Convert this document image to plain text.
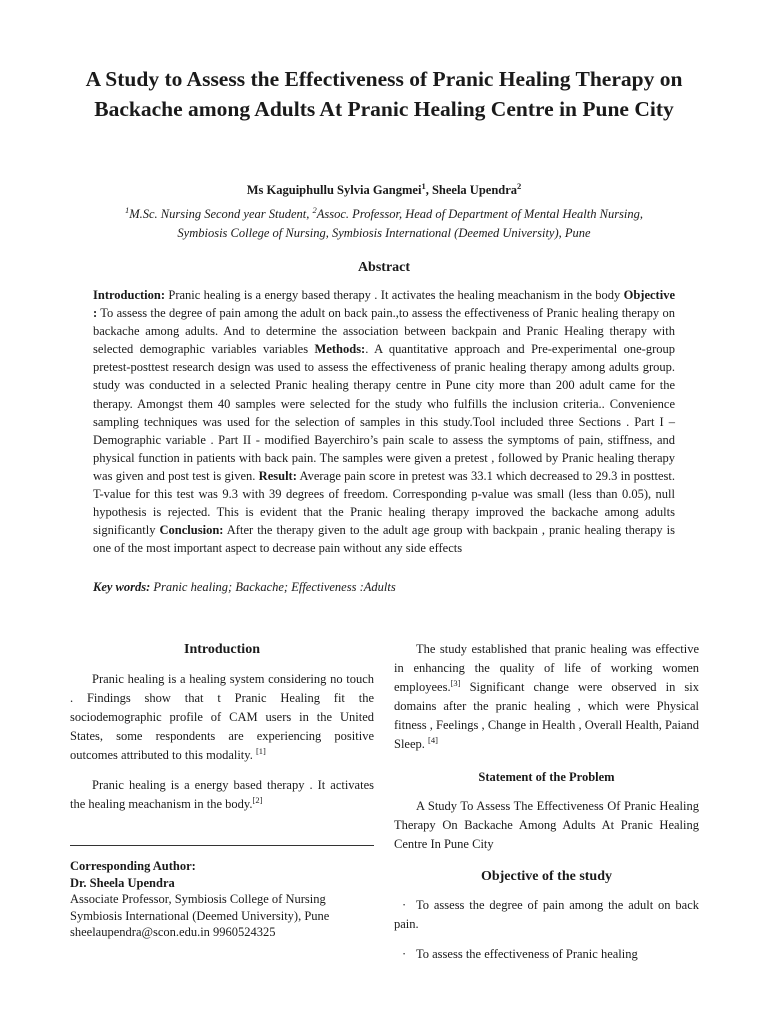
A Study to Assess the Effectiveness of Pranic Healing Therapy on Backache among Adults At Pranic Healing Centre in Pune City
Ms Kaguiphullu Sylvia Gangmei$^1$, Sheela Upendra$^2$
$^1$M.Sc. Nursing Second year Student, $^2$Assoc. Professor, Head of Department of Mental Health Nursing,
Symbiosis College of Nursing, Symbiosis International (Deemed University), Pune
Abstract

Introduction: Pranic healing is a energy based therapy . It activates the healing meachanism in the body Objective : To assess the degree of pain among the adult on back pain.,to assess the effectiveness of Pranic healing therapy on backache among adults. And to determine the association between backpain and Pranic Healing therapy with selected demographic variables variables Methods:. A quantitative approach and Pre-experimental one-group pretest-posttest research design was used to assess the effectiveness of pranic healing therapy among adults group. study was conducted in a selected Pranic healing therapy centre in Pune city more than 200 adult came for the therapy. Amongst them 40 samples were selected for the study who fulfills the inclusion criteria.. Convenience sampling techniques was used for the selection of samples in this study.Tool included three Sections . Part I – Demographic variable . Part II - modified Bayerchiro’s pain scale to assess the symptoms of pain, stiffness, and physical function in patients with back pain. The samples were given a pretest , followed by Pranic healing therapy was given and post test is given. Result: Average pain score in pretest was 33.1 which decreased to 29.3 in posttest. T-value for this test was 9.3 with 39 degrees of freedom. Corresponding p-value was small (less than 0.05), null hypothesis is rejected. This is evident that the Pranic healing therapy improved the backache among adults significantly Conclusion: After the therapy given to the adult age group with backpain , pranic healing therapy is one of the most important aspect to decrease pain without any side effects

Key words: Pranic healing; Backache; Effectiveness :Adults
Introduction

Pranic healing is a healing system considering no touch . Findings show that t Pranic Healing fit the sociodemographic profile of CAM users in the United States, some respondents are experiencing positive outcomes attributed to this modality. [1]

Pranic healing is a energy based therapy . It activates the healing meachanism in the body.[2]

Corresponding Author:
Dr. Sheela Upendra
Associate Professor, Symbiosis College of Nursing
Symbiosis International (Deemed University), Pune
sheelaupendra@scon.edu.in 9960524325

The study established that pranic healing was effective in enhancing the quality of life of working women employees.[3] Significant change were observed in six domains after the pranic healing , which were Physical fitness , Feelings , Change in Health , Overall Health, Paiand Sleep. [4]

Statement of the Problem

A Study To Assess The Effectiveness Of Pranic Healing Therapy On Backache Among Adults At Pranic Healing Centre In Pune City

Objective of the study

· To assess the degree of pain among the adult on back pain.

· To assess the effectiveness of Pranic healing
